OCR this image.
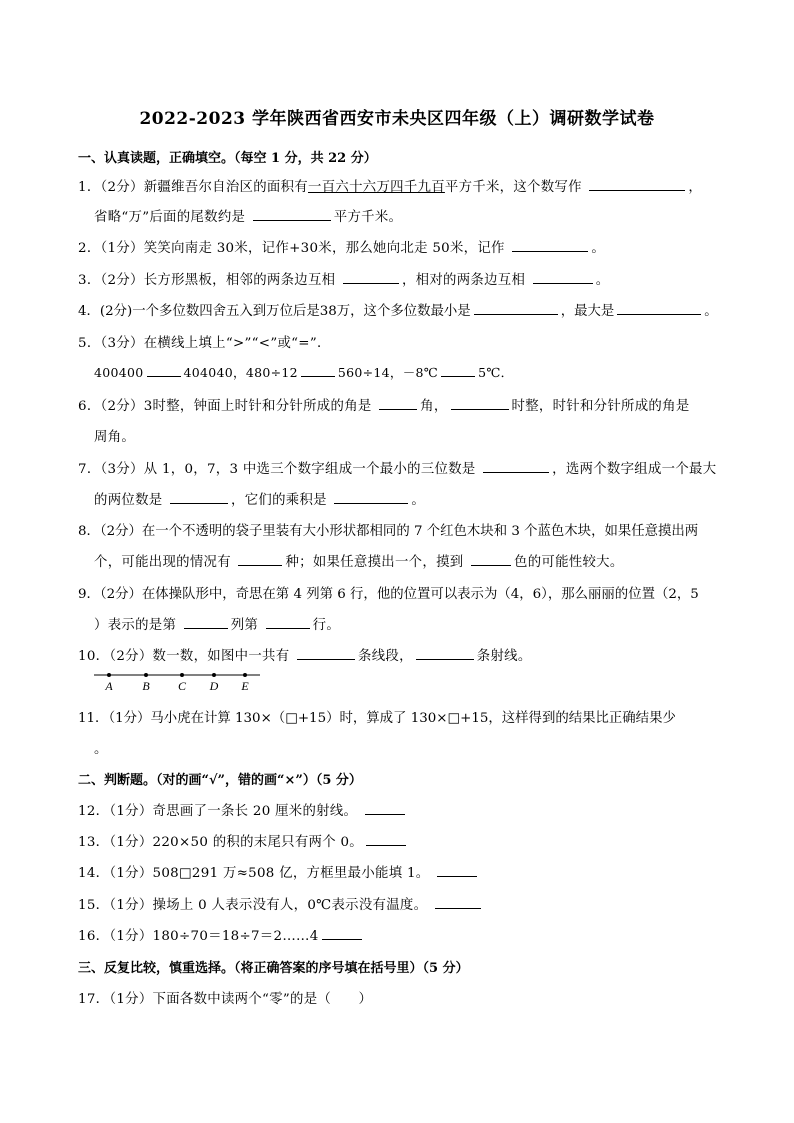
2022-2023 学年陕西省西安市未央区四年级（上）调研数学试卷
一、认真读题，正确填空。（每空 1 分，共 22 分）
1．（2分）新疆维吾尔自治区的面积有一百六十六万四千九百平方千米，这个数写作	，
省略“万”后面的尾数约是	平方千米。
2．（1分）笑笑向南走 30米，记作+30米，那么她向北走 50米，记作	。
3．（2分）长方形黑板，相邻的两条边互相	，相对的两条边互相	。
4．(2分)一个多位数四舍五入到万位后是38万，这个多位数最小是	，最大是	。
5．（3分）在横线上填上“>”“<”或“=”．
400400	404040，480÷12	560÷14，－8℃	5℃．
6．（2分）3时整，钟面上时针和分针所成的角是	角，	时整，时针和分针所成的角是
周角。
7．（3分）从 1，0，7，3 中选三个数字组成一个最小的三位数是	，选两个数字组成一个最大
的两位数是	，它们的乘积是	。
8．（2分）在一个不透明的袋子里装有大小形状都相同的 7 个红色木块和 3 个蓝色木块，如果任意摸出两
个，可能出现的情况有	种；如果任意摸出一个，摸到	色的可能性较大。
9．（2分）在体操队形中，奇思在第 4 列第 6 行，他的位置可以表示为（4，6），那么丽丽的位置（2，5
）表示的是第	列第	行。
10．（2分）数一数，如图中一共有	条线段，	条射线。
A B C D E
11．（1分）马小虎在计算 130×（□+15）时，算成了 130×□+15，这样得到的结果比正确结果少
。
二、判断题。（对的画“√”，错的画“×”）（5 分）
12．（1分）奇思画了一条长 20 厘米的射线。
13．（1分）220×50 的积的末尾只有两个 0。
14．（1分）508□291 万≈508 亿，方框里最小能填 1。
15．（1分）操场上 0 人表示没有人，0℃表示没有温度。
16．（1分）180÷70＝18÷7＝2……4
三、反复比较，慎重选择。（将正确答案的序号填在括号里）（5 分）
17．（1分）下面各数中读两个“零”的是（　　）
